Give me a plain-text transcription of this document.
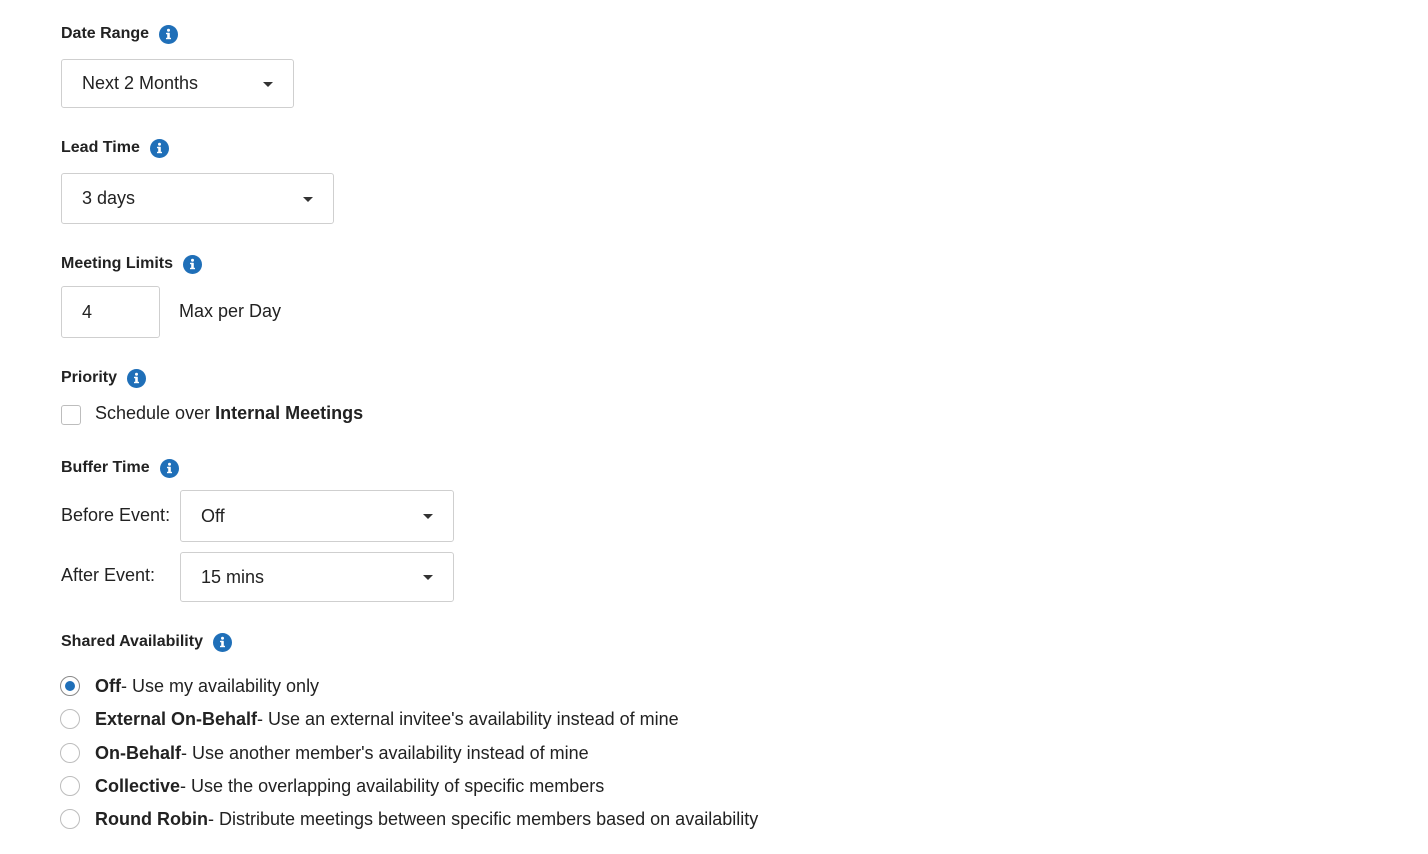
Date Range
Next 2 Months
Lead Time
3 days
Meeting Limits
4	Max per Day
Priority
Schedule over Internal Meetings
Buffer Time
Before Event: Off
After Event:	15 mins
Shared Availability
Off - Use my availability only
External On-Behalf - Use an external invitee's availability instead of mine
On-Behalf - Use another member's availability instead of mine
Collective - Use the overlapping availability of specific members
Round Robin - Distribute meetings between specific members based on availability
